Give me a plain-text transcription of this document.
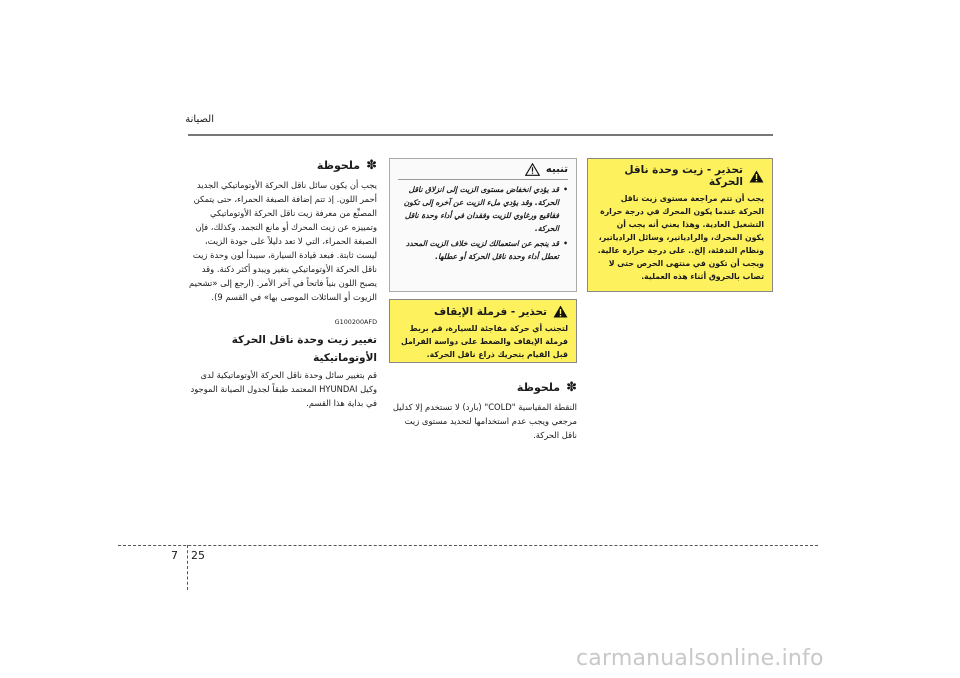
الصيانة
✽
ملحوظة

يجب أن يكون سائل ناقل الحركة الأوتوماتيكي الجديد أحمر اللون. إذ تتم إضافة الصبغة الحمراء، حتى يتمكن المصنِّع من معرفة زيت ناقل الحركة الأوتوماتيكي وتمييزه عن زيت المحرك أو مانع التجمد. وكذلك، فإن الصبغة الحمراء، التي لا تعد دليلاً على جودة الزيت، ليست ثابتة. فبعد قيادة السيارة، سيبدأ لون وحدة زيت ناقل الحركة الأوتوماتيكي بتغير ويبدو أكثر دكنة. وقد يصبح اللون بنياً فاتحاً في آخر الأمر. (ارجع إلى «تشحيم الزيوت أو السائلات الموصى بها» في القسم 9).

G100200AFD
تغيير زيت وحدة ناقل الحركة
الأوتوماتيكية

قم بتغيير سائل وحدة ناقل الحركة الأوتوماتيكية لدى وكيل HYUNDAI المعتمد طبقاً لجدول الصيانة الموجود في بداية هذا القسم.

تحذير - زيت وحدة ناقل الحركة

يجب أن تتم مراجعة مستوى زيت ناقل الحركة عندما يكون المحرك في درجة حرارة التشغيل العادية. وهذا يعني أنه يجب أن يكون المحرك، والرادياتير، وسائل الرادياتير، ونظام التدفئة، إلخ.. على درجة حرارة عالية. ويجب أن تكون في منتهى الحرص حتى لا تصاب بالحروق أثناء هذه العملية.

تنبيه
• قد يؤدي انخفاض مستوى الزيت إلى انزلاق ناقل الحركة. وقد يؤدي ملء الزيت عن آخره إلى تكون فقاقيع ورغاوي للزيت وفقدان في أداء وحدة ناقل الحركة.
• قد ينجم عن استعمالك لزيت خلاف الزيت المحدد تعطل أداء وحدة ناقل الحركة أو عطلها.
تحذير - فرملة الإيقاف

لتجنب أي حركة مفاجئة للسيارة، قم بربط فرملة الإيقاف والضغط على دواسة الفرامل قبل القيام بتحريك ذراع ناقل الحركة.

✽
ملحوظة

النقطة المقياسية "COLD" (بارد) لا تستخدم إلا كدليل مرجعي ويجب عدم استخدامها لتحديد مستوى زيت ناقل الحركة.

7 25
carmanualsonline.info
